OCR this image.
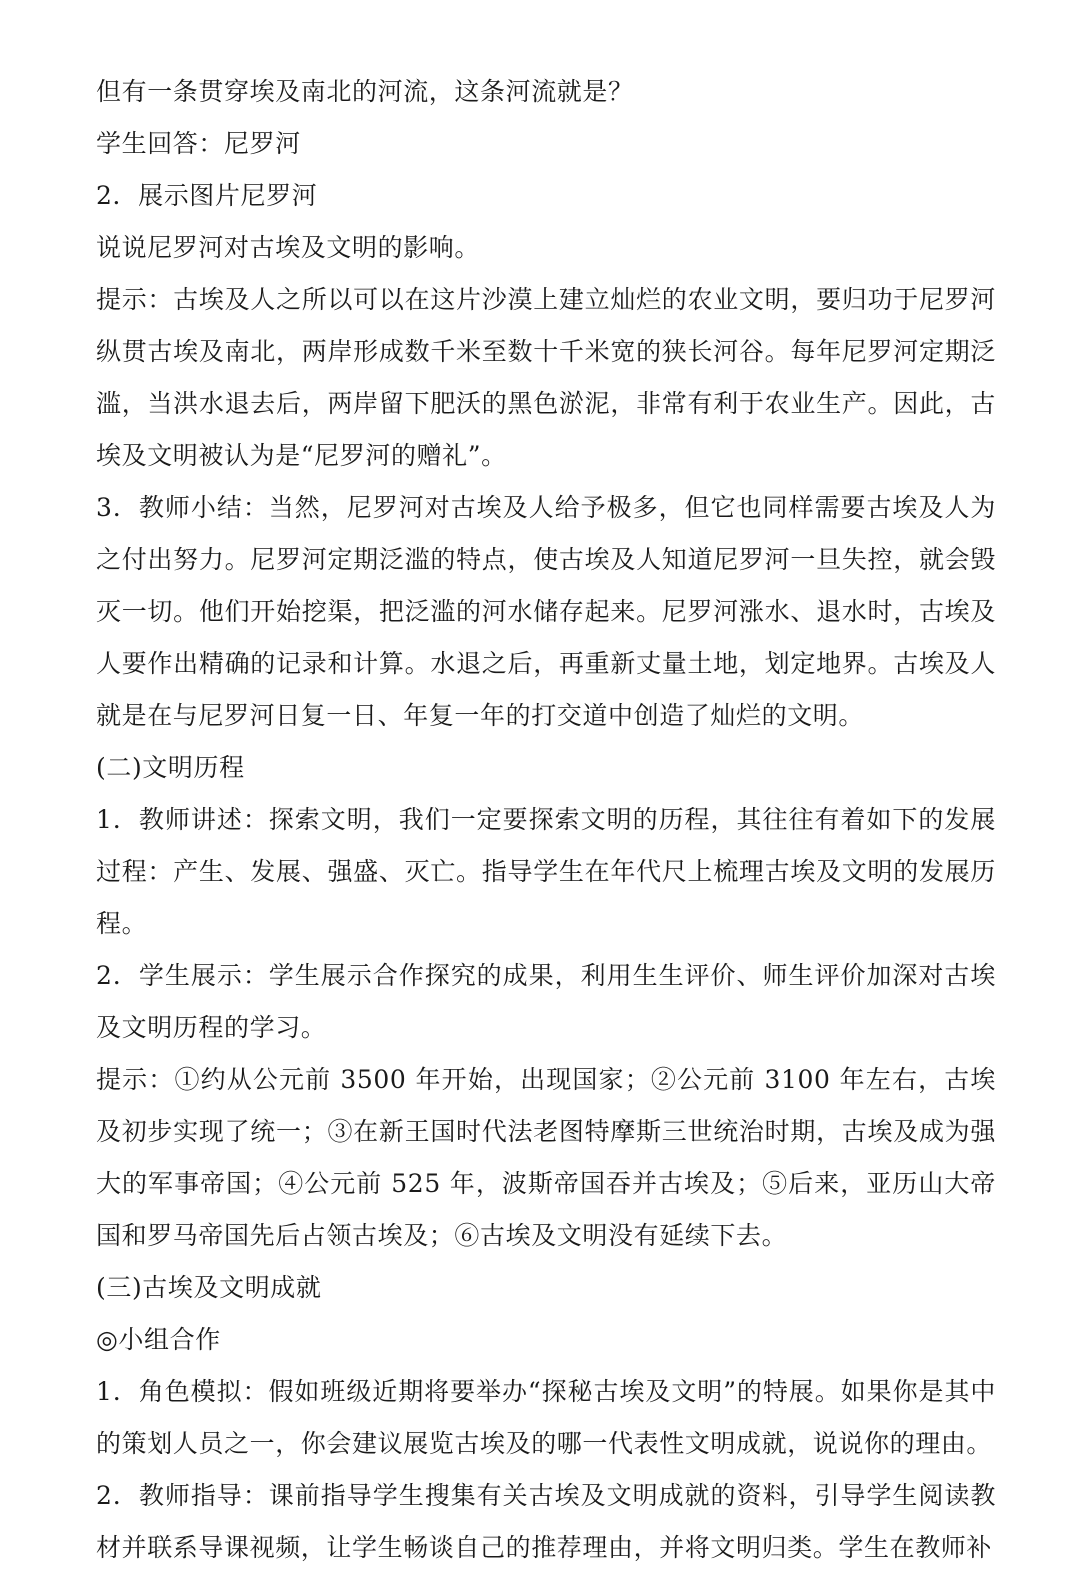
但有一条贯穿埃及南北的河流，这条河流就是？

学生回答：尼罗河

2．展示图片尼罗河

说说尼罗河对古埃及文明的影响。

提示：古埃及人之所以可以在这片沙漠上建立灿烂的农业文明，要归功于尼罗河纵贯古埃及南北，两岸形成数千米至数十千米宽的狭长河谷。每年尼罗河定期泛滥，当洪水退去后，两岸留下肥沃的黑色淤泥，非常有利于农业生产。因此，古埃及文明被认为是“尼罗河的赠礼”。

3．教师小结：当然，尼罗河对古埃及人给予极多，但它也同样需要古埃及人为之付出努力。尼罗河定期泛滥的特点，使古埃及人知道尼罗河一旦失控，就会毁灭一切。他们开始挖渠，把泛滥的河水储存起来。尼罗河涨水、退水时，古埃及人要作出精确的记录和计算。水退之后，再重新丈量土地，划定地界。古埃及人就是在与尼罗河日复一日、年复一年的打交道中创造了灿烂的文明。

(二)文明历程

1．教师讲述：探索文明，我们一定要探索文明的历程，其往往有着如下的发展过程：产生、发展、强盛、灭亡。指导学生在年代尺上梳理古埃及文明的发展历程。

2．学生展示：学生展示合作探究的成果，利用生生评价、师生评价加深对古埃及文明历程的学习。

提示：①约从公元前 3500 年开始，出现国家；②公元前 3100 年左右，古埃及初步实现了统一；③在新王国时代法老图特摩斯三世统治时期，古埃及成为强大的军事帝国；④公元前 525 年，波斯帝国吞并古埃及；⑤后来，亚历山大帝国和罗马帝国先后占领古埃及；⑥古埃及文明没有延续下去。

(三)古埃及文明成就

◎小组合作

1．角色模拟：假如班级近期将要举办“探秘古埃及文明”的特展。如果你是其中的策划人员之一，你会建议展览古埃及的哪一代表性文明成就，说说你的理由。

2．教师指导：课前指导学生搜集有关古埃及文明成就的资料，引导学生阅读教材并联系导课视频，让学生畅谈自己的推荐理由，并将文明归类。学生在教师补
